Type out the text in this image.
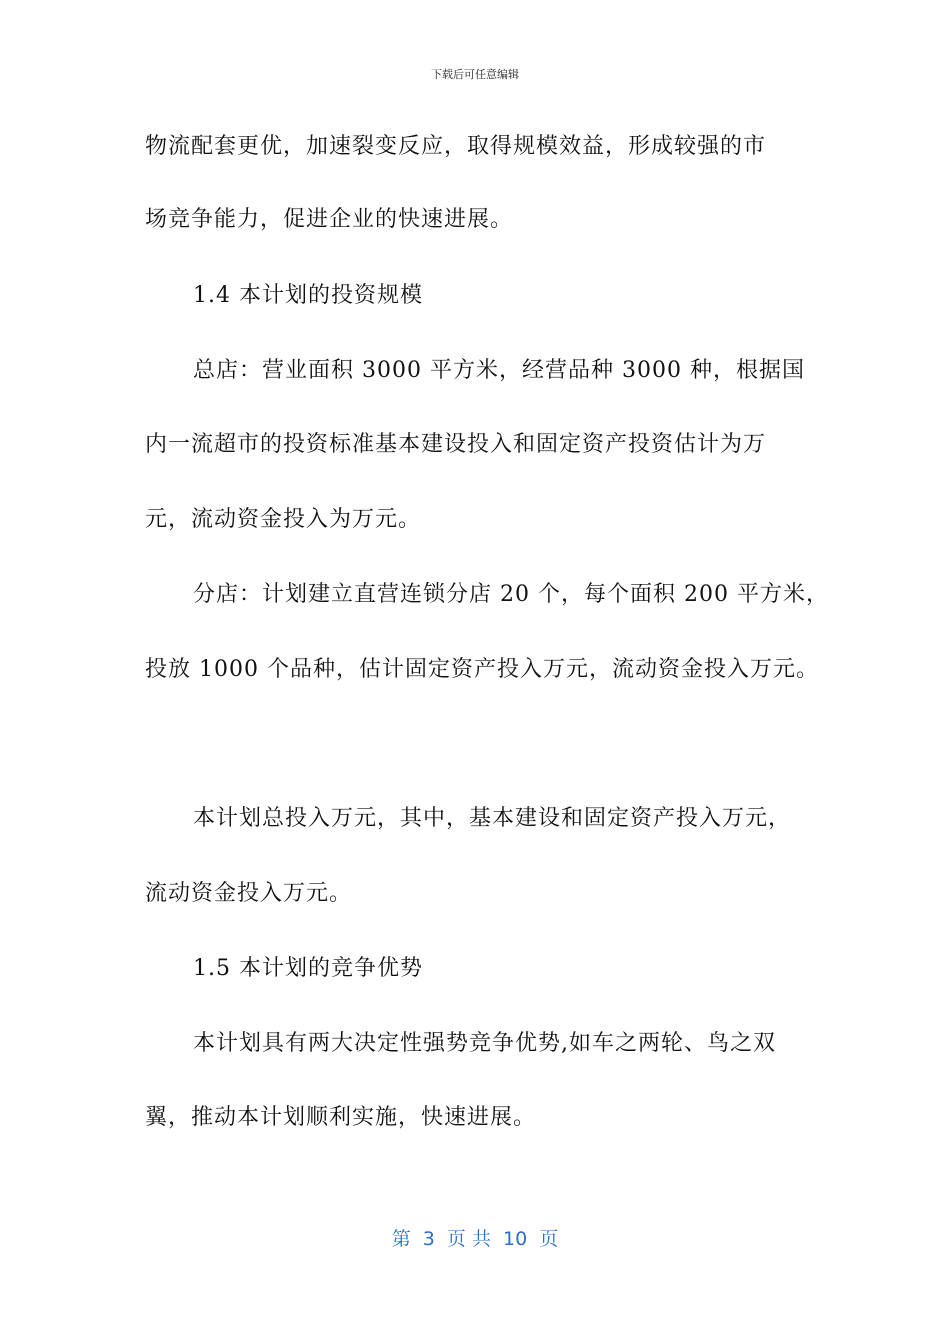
下载后可任意编辑
物流配套更优，加速裂变反应，取得规模效益，形成较强的市
场竞争能力，促进企业的快速进展。
1.4 本计划的投资规模
总店：营业面积 3000 平方米，经营品种 3000 种，根据国
内一流超市的投资标准基本建设投入和固定资产投资估计为万
元，流动资金投入为万元。
分店：计划建立直营连锁分店 20 个，每个面积 200 平方米，
投放 1000 个品种，估计固定资产投入万元，流动资金投入万元。
本计划总投入万元，其中，基本建设和固定资产投入万元，
流动资金投入万元。
1.5 本计划的竞争优势
本计划具有两大决定性强势竞争优势,如车之两轮、鸟之双
翼，推动本计划顺利实施，快速进展。
第  3  页 共  10  页
